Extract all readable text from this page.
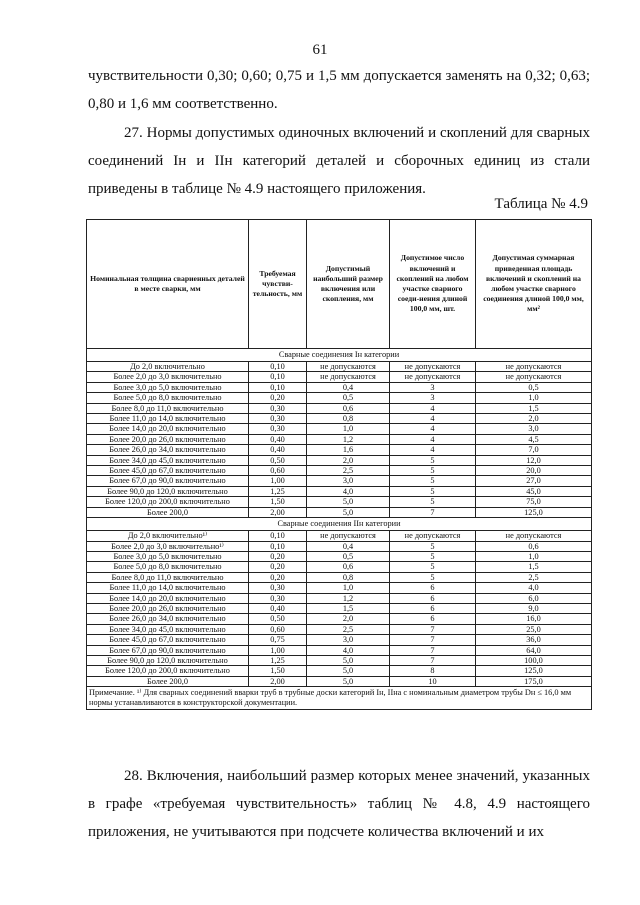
61
чувствительности 0,30; 0,60; 0,75 и 1,5 мм допускается заменять на 0,32; 0,63; 0,80 и 1,6 мм соответственно.
27. Нормы допустимых одиночных включений и скоплений для сварных соединений Iн и IIн категорий деталей и сборочных единиц из стали приведены в таблице № 4.9 настоящего приложения.
Таблица № 4.9
Номинальная толщина свариенных деталей в месте сварки, мм	Требуемая чувстви-тельность, мм	Допустимый наибольший размер включения или скопления, мм	Допустимое число включений и скоплений на любом участке сварного соеди-нения длиной 100,0 мм, шт.	Допустимая суммарная приведенная площадь включений и скоплений на любом участке сварного соединения длиной 100,0 мм, мм²
Сварные соединения Iн категории				
До 2,0 включительно	0,10	не допускаются	не допускаются	не допускаются
Более 2,0 до 3,0 включительно	0,10	не допускаются	не допускаются	не допускаются
Более 3,0 до 5,0 включительно	0,10	0,4	3	0,5
Более 5,0 до 8,0 включительно	0,20	0,5	3	1,0
Более 8,0 до 11,0 включительно	0,30	0,6	4	1,5
Более 11,0 до 14,0 включительно	0,30	0,8	4	2,0
Более 14,0 до 20,0 включительно	0,30	1,0	4	3,0
Более 20,0 до 26,0 включительно	0,40	1,2	4	4,5
Более 26,0 до 34,0 включительно	0,40	1,6	4	7,0
Более 34,0 до 45,0 включительно	0,50	2,0	5	12,0
Более 45,0 до 67,0 включительно	0,60	2,5	5	20,0
Более 67,0 до 90,0 включительно	1,00	3,0	5	27,0
Более 90,0 до 120,0 включительно	1,25	4,0	5	45,0
Более 120,0 до 200,0 включительно	1,50	5,0	5	75,0
Более 200,0	2,00	5,0	7	125,0
Сварные соединения IIн категории				
До 2,0 включительно¹⁾	0,10	не допускаются	не допускаются	не допускаются
Более 2,0 до 3,0 включительно¹⁾	0,10	0,4	5	0,6
Более 3,0 до 5,0 включительно	0,20	0,5	5	1,0
Более 5,0 до 8,0 включительно	0,20	0,6	5	1,5
Более 8,0 до 11,0 включительно	0,20	0,8	5	2,5
Более 11,0 до 14,0 включительно	0,30	1,0	6	4,0
Более 14,0 до 20,0 включительно	0,30	1,2	6	6,0
Более 20,0 до 26,0 включительно	0,40	1,5	6	9,0
Более 26,0 до 34,0 включительно	0,50	2,0	6	16,0
Более 34,0 до 45,0 включительно	0,60	2,5	7	25,0
Более 45,0 до 67,0 включительно	0,75	3,0	7	36,0
Более 67,0 до 90,0 включительно	1,00	4,0	7	64,0
Более 90,0 до 120,0 включительно	1,25	5,0	7	100,0
Более 120,0 до 200,0 включительно	1,50	5,0	8	125,0
Более 200,0	2,00	5,0	10	175,0
Примечание. ¹⁾ Для сварных соединений вварки труб в трубные доски категорий Iн, IIна с номинальным диаметром трубы Dн ≤ 16,0 мм нормы устанавливаются в конструкторской документации.				
28. Включения, наибольший размер которых менее значений, указанных в графе «требуемая чувствительность» таблиц № 4.8, 4.9 настоящего приложения, не учитываются при подсчете количества включений и их
